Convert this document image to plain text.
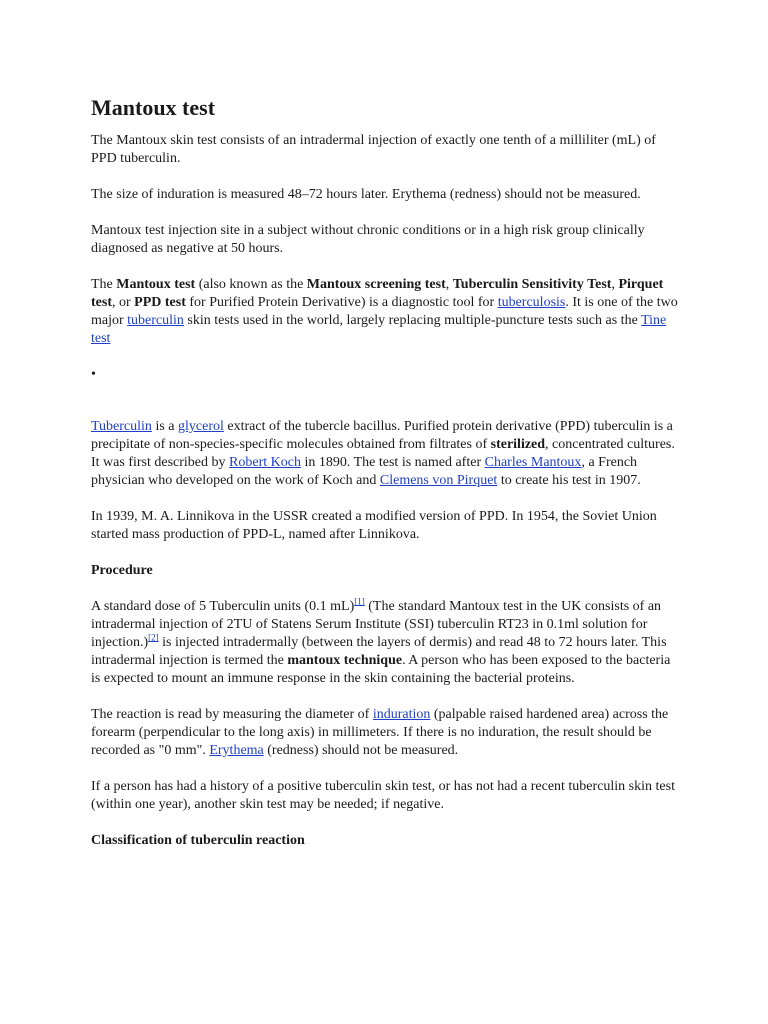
Mantoux test

The Mantoux skin test consists of an intradermal injection of exactly one tenth of a milliliter (mL) of PPD tuberculin.

The size of induration is measured 48–72 hours later. Erythema (redness) should not be measured.

Mantoux test injection site in a subject without chronic conditions or in a high risk group clinically diagnosed as negative at 50 hours.

The Mantoux test (also known as the Mantoux screening test, Tuberculin Sensitivity Test, Pirquet test, or PPD test for Purified Protein Derivative) is a diagnostic tool for tuberculosis. It is one of the two major tuberculin skin tests used in the world, largely replacing multiple-puncture tests such as the Tine test

•

Tuberculin is a glycerol extract of the tubercle bacillus. Purified protein derivative (PPD) tuberculin is a precipitate of non-species-specific molecules obtained from filtrates of sterilized, concentrated cultures. It was first described by Robert Koch in 1890. The test is named after Charles Mantoux, a French physician who developed on the work of Koch and Clemens von Pirquet to create his test in 1907.

In 1939, M. A. Linnikova in the USSR created a modified version of PPD. In 1954, the Soviet Union started mass production of PPD-L, named after Linnikova.

Procedure

A standard dose of 5 Tuberculin units (0.1 mL)[1] (The standard Mantoux test in the UK consists of an intradermal injection of 2TU of Statens Serum Institute (SSI) tuberculin RT23 in 0.1ml solution for injection.)[2] is injected intradermally (between the layers of dermis) and read 48 to 72 hours later. This intradermal injection is termed the mantoux technique. A person who has been exposed to the bacteria is expected to mount an immune response in the skin containing the bacterial proteins.

The reaction is read by measuring the diameter of induration (palpable raised hardened area) across the forearm (perpendicular to the long axis) in millimeters. If there is no induration, the result should be recorded as "0 mm". Erythema (redness) should not be measured.

If a person has had a history of a positive tuberculin skin test, or has not had a recent tuberculin skin test (within one year), another skin test may be needed; if negative.

Classification of tuberculin reaction
